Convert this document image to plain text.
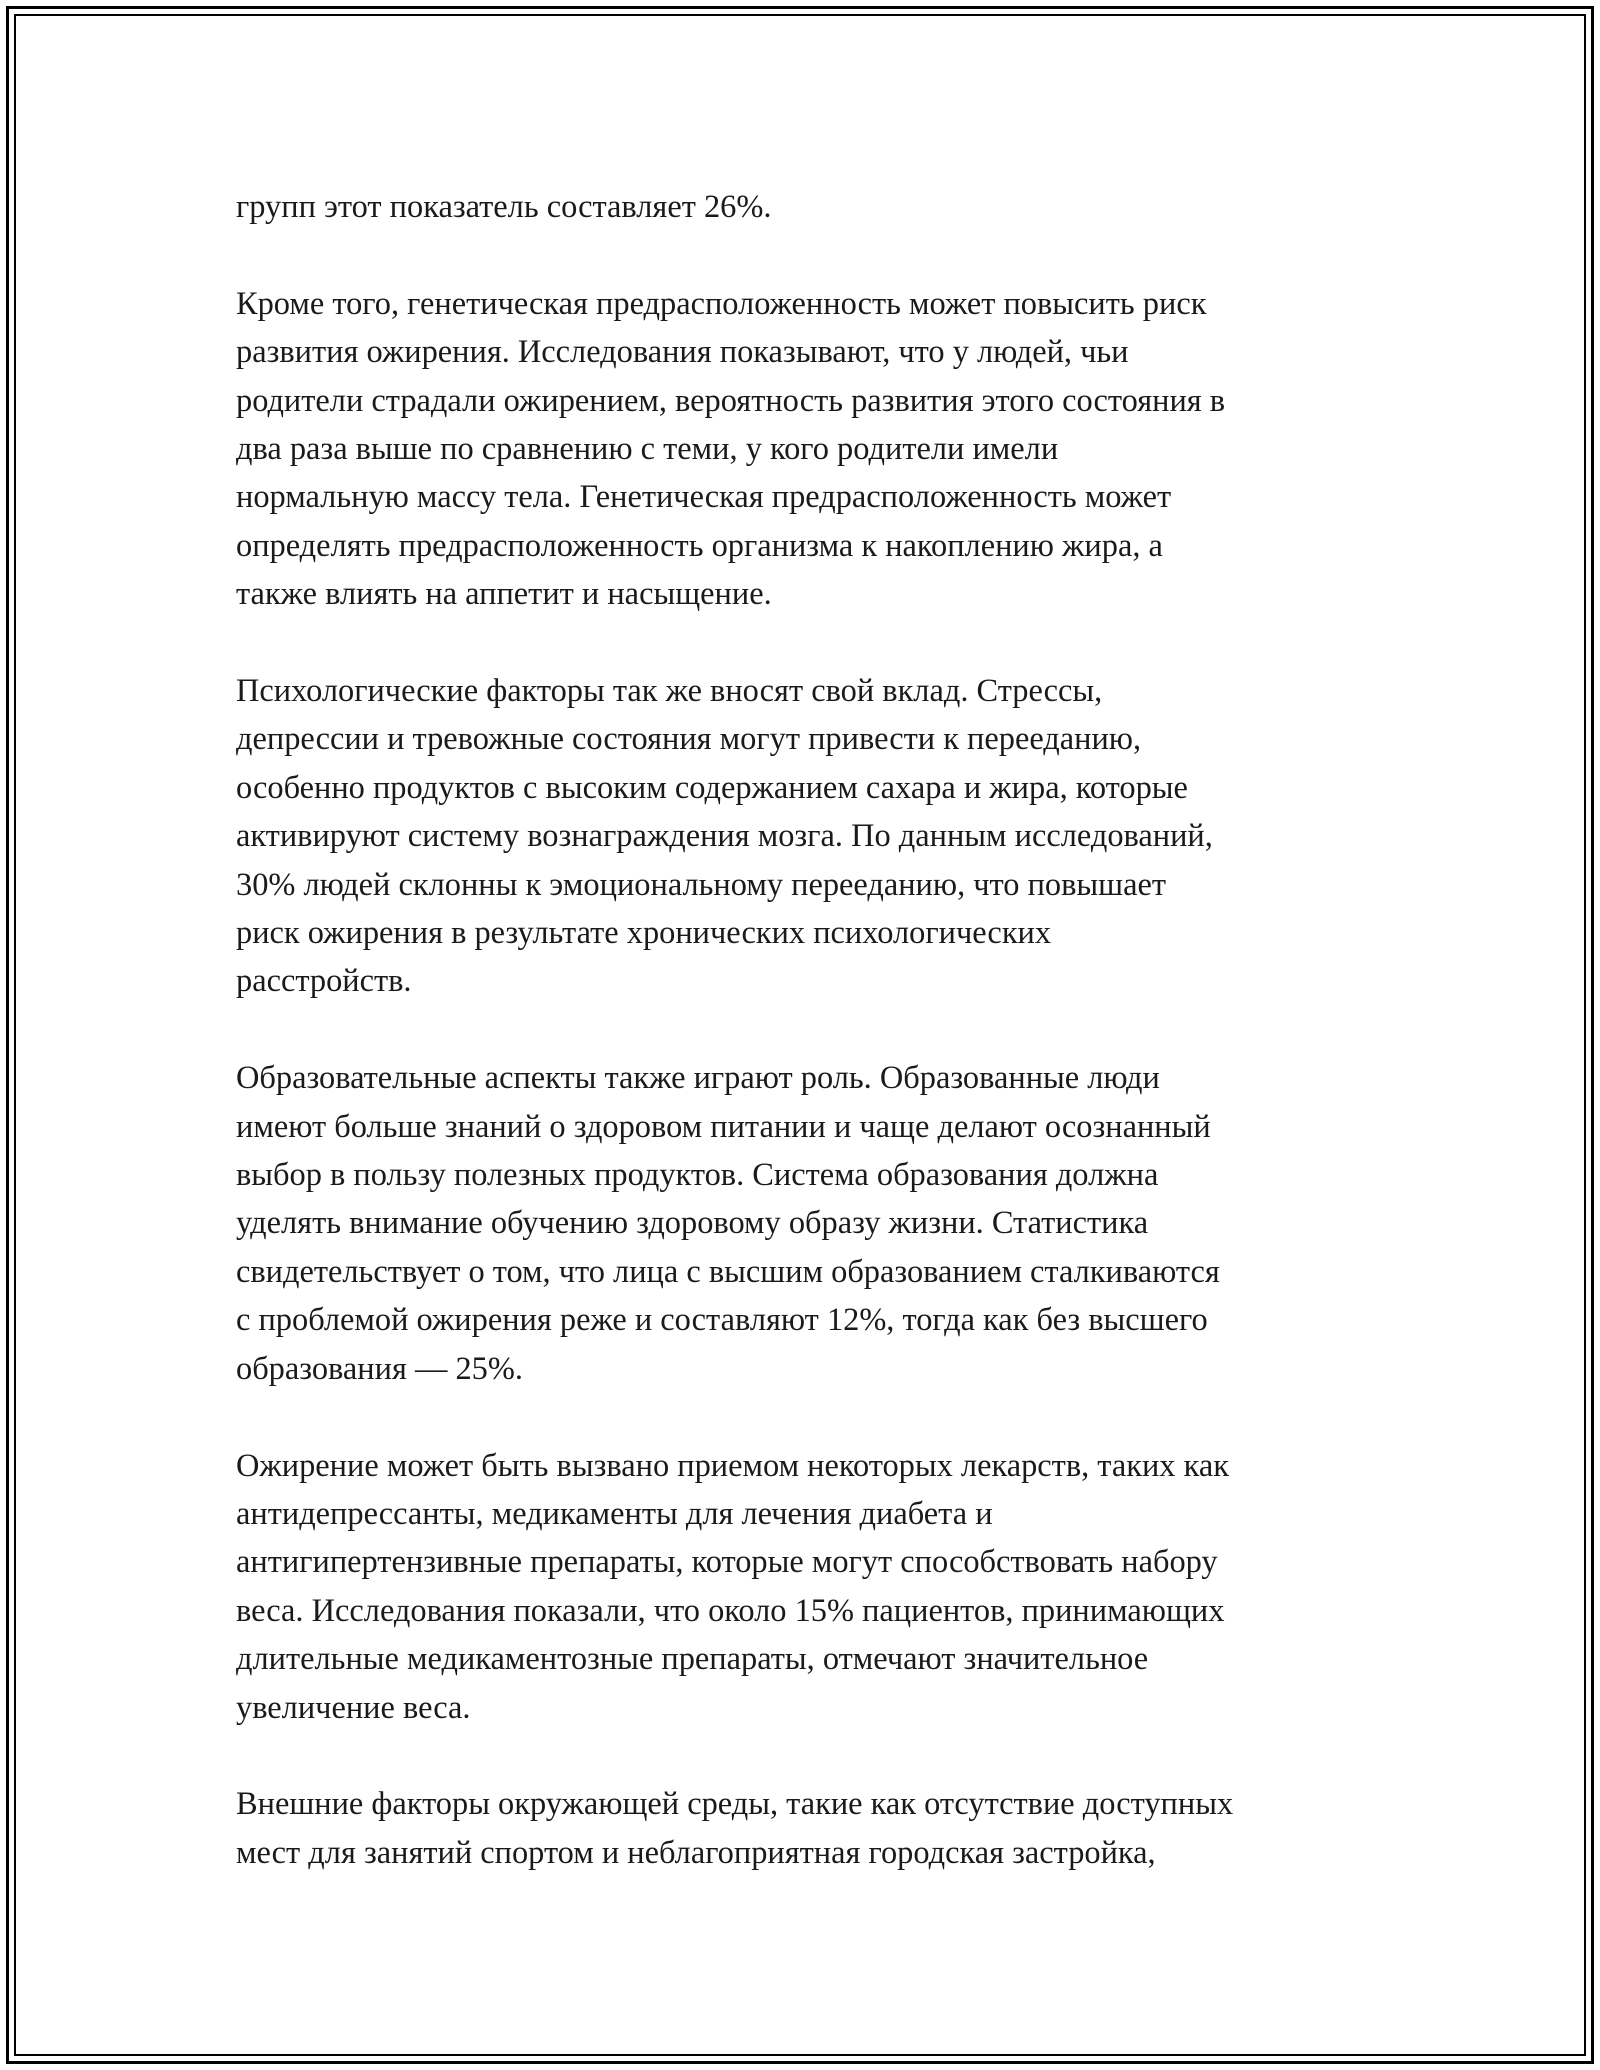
групп этот показатель составляет 26%.

Кроме того, генетическая предрасположенность может повысить риск
развития ожирения. Исследования показывают, что у людей, чьи
родители страдали ожирением, вероятность развития этого состояния в
два раза выше по сравнению с теми, у кого родители имели
нормальную массу тела. Генетическая предрасположенность может
определять предрасположенность организма к накоплению жира, а
также влиять на аппетит и насыщение.

Психологические факторы так же вносят свой вклад. Стрессы,
депрессии и тревожные состояния могут привести к перееданию,
особенно продуктов с высоким содержанием сахара и жира, которые
активируют систему вознаграждения мозга. По данным исследований,
30% людей склонны к эмоциональному перееданию, что повышает
риск ожирения в результате хронических психологических
расстройств.

Образовательные аспекты также играют роль. Образованные люди
имеют больше знаний о здоровом питании и чаще делают осознанный
выбор в пользу полезных продуктов. Система образования должна
уделять внимание обучению здоровому образу жизни. Статистика
свидетельствует о том, что лица с высшим образованием сталкиваются
с проблемой ожирения реже и составляют 12%, тогда как без высшего
образования — 25%.

Ожирение может быть вызвано приемом некоторых лекарств, таких как
антидепрессанты, медикаменты для лечения диабета и
антигипертензивные препараты, которые могут способствовать набору
веса. Исследования показали, что около 15% пациентов, принимающих
длительные медикаментозные препараты, отмечают значительное
увеличение веса.

Внешние факторы окружающей среды, такие как отсутствие доступных
мест для занятий спортом и неблагоприятная городская застройка,
